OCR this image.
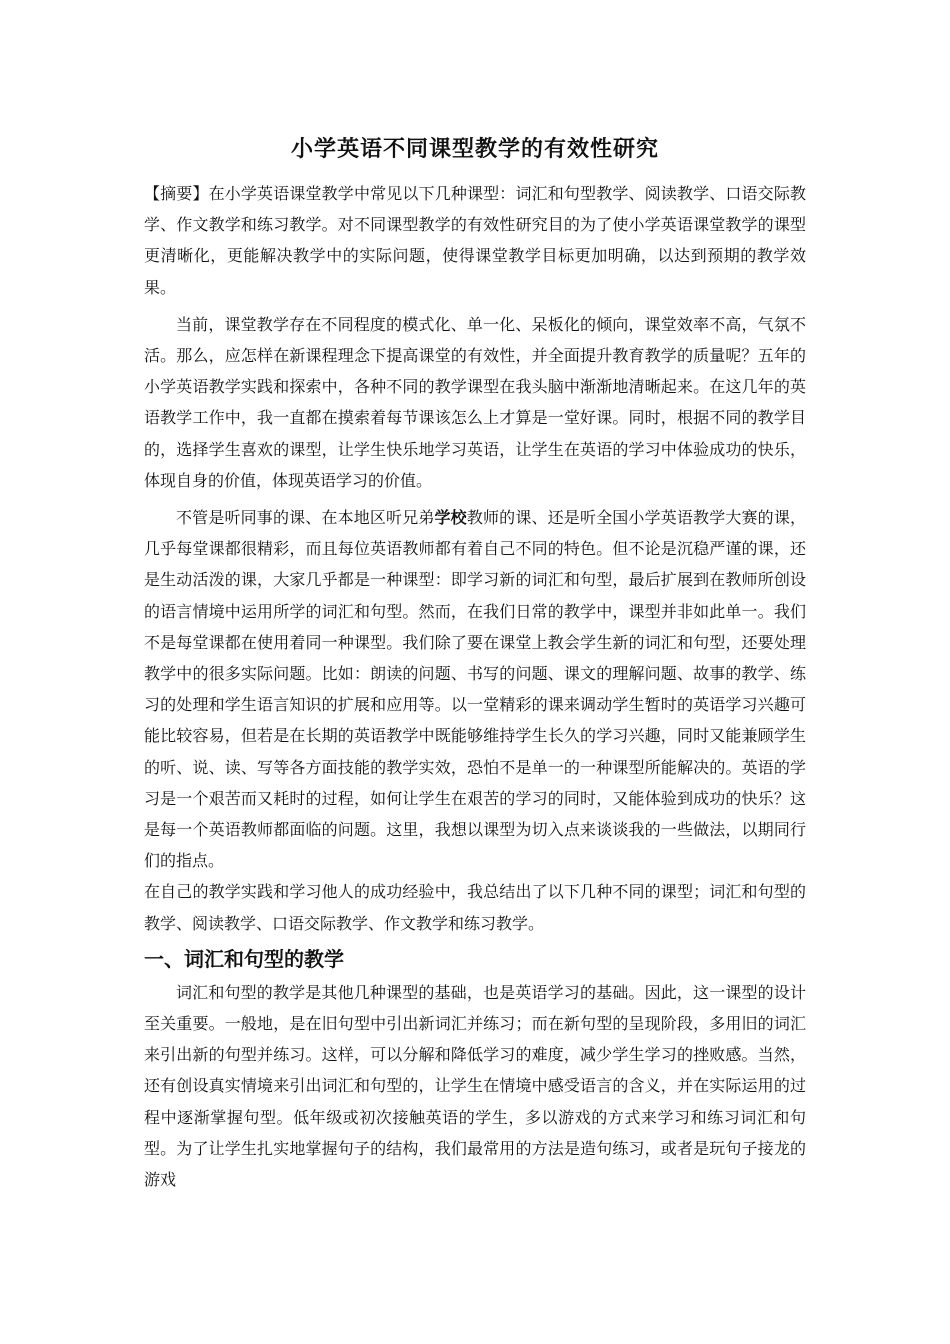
小学英语不同课型教学的有效性研究

【摘要】在小学英语课堂教学中常见以下几种课型：词汇和句型教学、阅读教学、口语交际教学、作文教学和练习教学。对不同课型教学的有效性研究目的为了使小学英语课堂教学的课型更清晰化，更能解决教学中的实际问题，使得课堂教学目标更加明确，以达到预期的教学效果。

当前，课堂教学存在不同程度的模式化、单一化、呆板化的倾向，课堂效率不高，气氛不活。那么，应怎样在新课程理念下提高课堂的有效性，并全面提升教育教学的质量呢？五年的小学英语教学实践和探索中，各种不同的教学课型在我头脑中渐渐地清晰起来。在这几年的英语教学工作中，我一直都在摸索着每节课该怎么上才算是一堂好课。同时，根据不同的教学目的，选择学生喜欢的课型，让学生快乐地学习英语，让学生在英语的学习中体验成功的快乐，体现自身的价值，体现英语学习的价值。

不管是听同事的课、在本地区听兄弟学校教师的课、还是听全国小学英语教学大赛的课，几乎每堂课都很精彩，而且每位英语教师都有着自己不同的特色。但不论是沉稳严谨的课，还是生动活泼的课，大家几乎都是一种课型：即学习新的词汇和句型，最后扩展到在教师所创设的语言情境中运用所学的词汇和句型。然而，在我们日常的教学中，课型并非如此单一。我们不是每堂课都在使用着同一种课型。我们除了要在课堂上教会学生新的词汇和句型，还要处理教学中的很多实际问题。比如：朗读的问题、书写的问题、课文的理解问题、故事的教学、练习的处理和学生语言知识的扩展和应用等。以一堂精彩的课来调动学生暂时的英语学习兴趣可能比较容易，但若是在长期的英语教学中既能够维持学生长久的学习兴趣，同时又能兼顾学生的听、说、读、写等各方面技能的教学实效，恐怕不是单一的一种课型所能解决的。英语的学习是一个艰苦而又耗时的过程，如何让学生在艰苦的学习的同时，又能体验到成功的快乐？这是每一个英语教师都面临的问题。这里，我想以课型为切入点来谈谈我的一些做法，以期同行们的指点。

在自己的教学实践和学习他人的成功经验中，我总结出了以下几种不同的课型；词汇和句型的教学、阅读教学、口语交际教学、作文教学和练习教学。

一、词汇和句型的教学

词汇和句型的教学是其他几种课型的基础，也是英语学习的基础。因此，这一课型的设计至关重要。一般地，是在旧句型中引出新词汇并练习；而在新句型的呈现阶段，多用旧的词汇来引出新的句型并练习。这样，可以分解和降低学习的难度，减少学生学习的挫败感。当然，还有创设真实情境来引出词汇和句型的，让学生在情境中感受语言的含义，并在实际运用的过程中逐渐掌握句型。低年级或初次接触英语的学生，多以游戏的方式来学习和练习词汇和句型。为了让学生扎实地掌握句子的结构，我们最常用的方法是造句练习，或者是玩句子接龙的游戏
